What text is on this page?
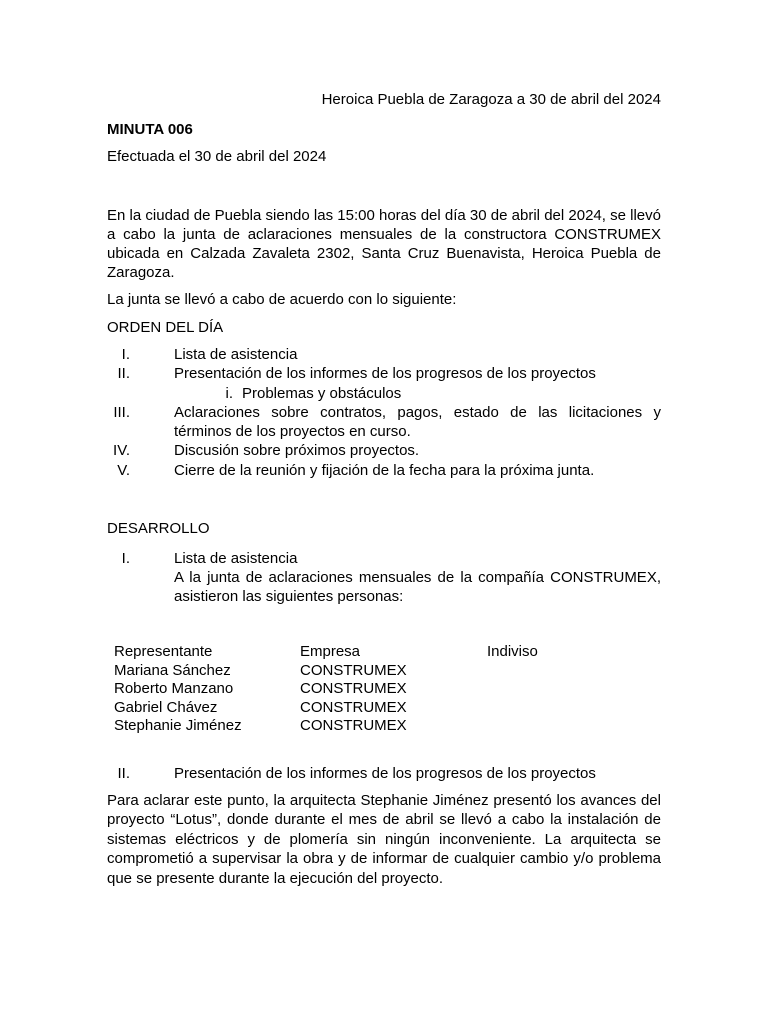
Heroica Puebla de Zaragoza a 30 de abril del 2024

MINUTA 006

Efectuada el 30 de abril del 2024

En la ciudad de Puebla siendo las 15:00 horas del día 30 de abril del 2024, se llevó a cabo la junta de aclaraciones mensuales de la constructora CONSTRUMEX ubicada en Calzada Zavaleta 2302, Santa Cruz Buenavista, Heroica Puebla de Zaragoza.

La junta se llevó a cabo de acuerdo con lo siguiente:

ORDEN DEL DÍA

I.	Lista de asistencia
II.	Presentación de los informes de los progresos de los proyectos
i. Problemas y obstáculos
III.	Aclaraciones sobre contratos, pagos, estado de las licitaciones y términos de los proyectos en curso.
IV.	Discusión sobre próximos proyectos.
V.	Cierre de la reunión y fijación de la fecha para la próxima junta.

DESARROLLO

I.	Lista de asistencia
A la junta de aclaraciones mensuales de la compañía CONSTRUMEX, asistieron las siguientes personas:
Representante	Empresa	Indiviso
Mariana Sánchez	CONSTRUMEX	
Roberto Manzano	CONSTRUMEX	
Gabriel Chávez	CONSTRUMEX	
Stephanie Jiménez	CONSTRUMEX	
II.	Presentación de los informes de los progresos de los proyectos

Para aclarar este punto, la arquitecta Stephanie Jiménez presentó los avances del proyecto “Lotus”, donde durante el mes de abril se llevó a cabo la instalación de sistemas eléctricos y de plomería sin ningún inconveniente. La arquitecta se comprometió a supervisar la obra y de informar de cualquier cambio y/o problema que se presente durante la ejecución del proyecto.
